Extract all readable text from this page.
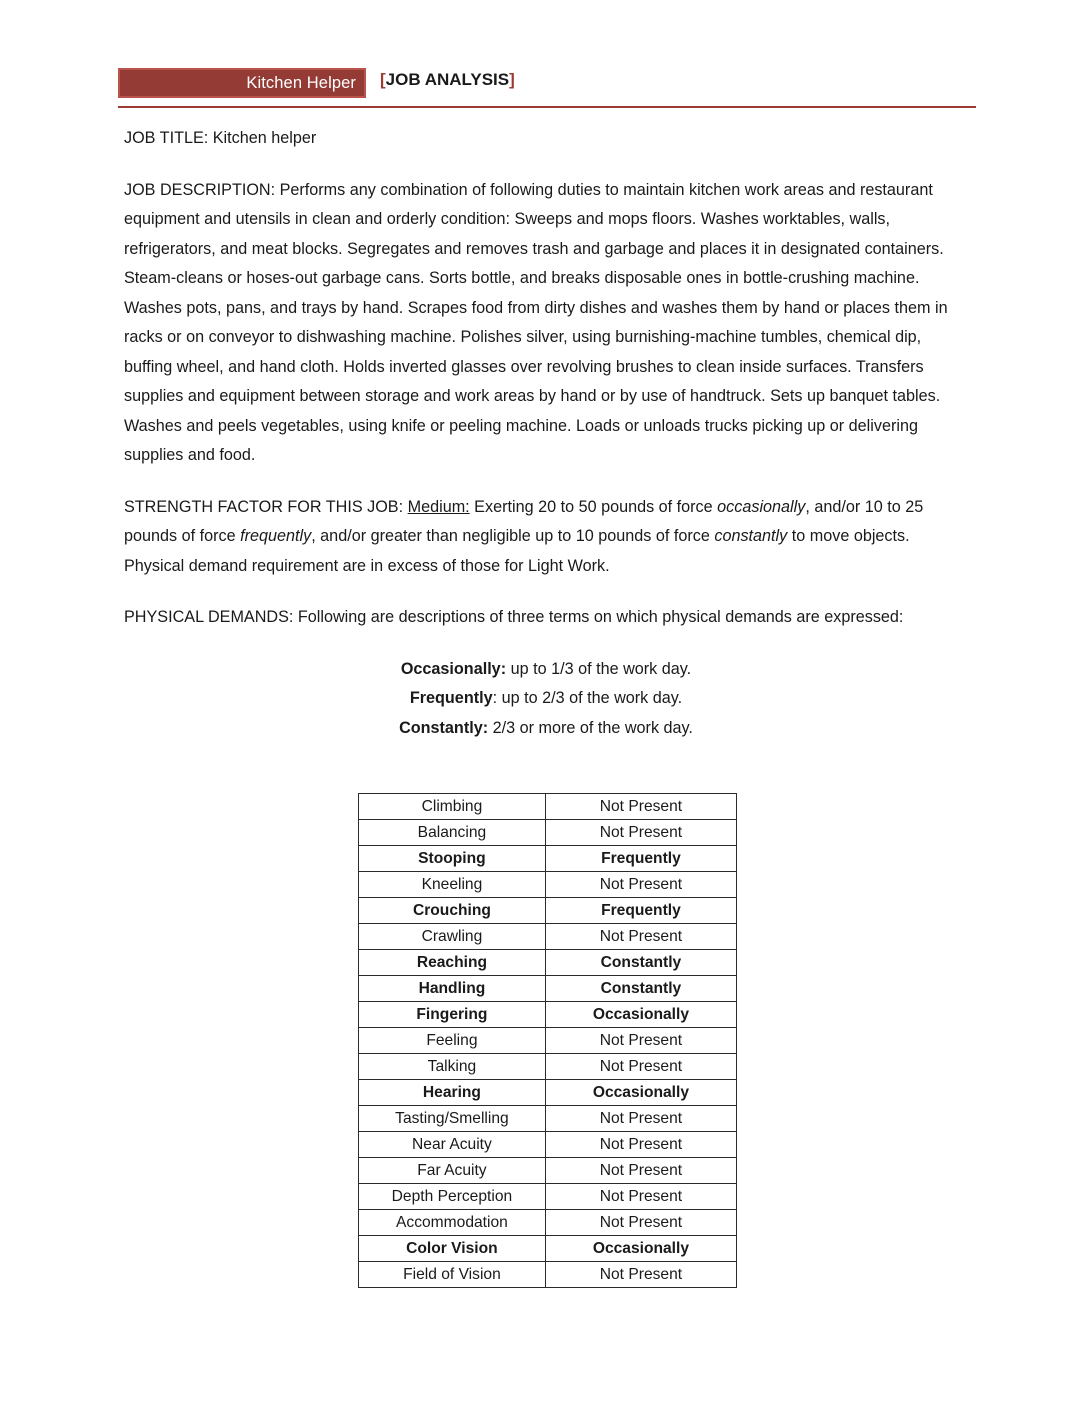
Kitchen Helper [JOB ANALYSIS]

JOB TITLE: Kitchen helper

JOB DESCRIPTION: Performs any combination of following duties to maintain kitchen work areas and restaurant equipment and utensils in clean and orderly condition: Sweeps and mops floors. Washes worktables, walls, refrigerators, and meat blocks. Segregates and removes trash and garbage and places it in designated containers. Steam-cleans or hoses-out garbage cans. Sorts bottle, and breaks disposable ones in bottle-crushing machine. Washes pots, pans, and trays by hand. Scrapes food from dirty dishes and washes them by hand or places them in racks or on conveyor to dishwashing machine. Polishes silver, using burnishing-machine tumbles, chemical dip, buffing wheel, and hand cloth. Holds inverted glasses over revolving brushes to clean inside surfaces. Transfers supplies and equipment between storage and work areas by hand or by use of handtruck. Sets up banquet tables. Washes and peels vegetables, using knife or peeling machine. Loads or unloads trucks picking up or delivering supplies and food.

STRENGTH FACTOR FOR THIS JOB: Medium: Exerting 20 to 50 pounds of force occasionally, and/or 10 to 25 pounds of force frequently, and/or greater than negligible up to 10 pounds of force constantly to move objects. Physical demand requirement are in excess of those for Light Work.

PHYSICAL DEMANDS: Following are descriptions of three terms on which physical demands are expressed:

Occasionally: up to 1/3 of the work day.
Frequently: up to 2/3 of the work day.
Constantly: 2/3 or more of the work day.
Climbing	Not Present
Balancing	Not Present
Stooping	Frequently
Kneeling	Not Present
Crouching	Frequently
Crawling	Not Present
Reaching	Constantly
Handling	Constantly
Fingering	Occasionally
Feeling	Not Present
Talking	Not Present
Hearing	Occasionally
Tasting/Smelling	Not Present
Near Acuity	Not Present
Far Acuity	Not Present
Depth Perception	Not Present
Accommodation	Not Present
Color Vision	Occasionally
Field of Vision	Not Present
